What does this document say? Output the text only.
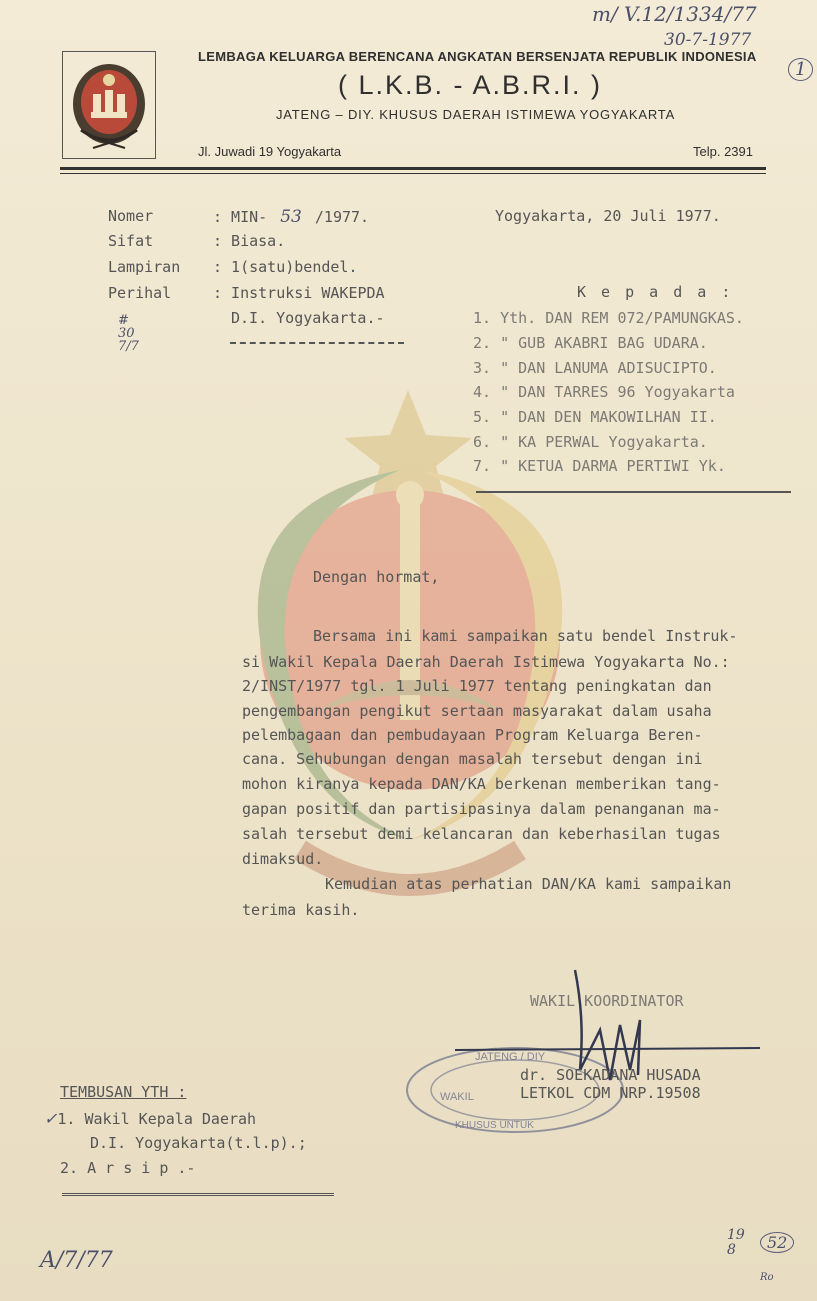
m/ V.12/1334/77
30-7-1977
1
LEMBAGA KELUARGA BERENCANA ANGKATAN BERSENJATA REPUBLIK INDONESIA
( L.K.B. - A.B.R.I. )
JATENG – DIY. KHUSUS DAERAH ISTIMEWA YOGYAKARTA
Jl. Juwadi 19 Yogyakarta	Telp. 2391
Nomer	: MIN- 53 /1977.
Sifat	: Biasa.
Lampiran : 1(satu)bendel.
Perihal	: Instruksi WAKEPDA
D.I. Yogyakarta.-
#
30
7/7
Yogyakarta, 20 Juli 1977.
K e p a d a :
1. Yth. DAN REM 072/PAMUNGKAS.
2. " GUB AKABRI BAG UDARA.
3. " DAN LANUMA ADISUCIPTO.
4. " DAN TARRES 96 Yogyakarta
5. " DAN DEN MAKOWILHAN II.
6. " KA PERWAL Yogyakarta.
7. " KETUA DARMA PERTIWI Yk.
Dengan hormat,
Bersama ini kami sampaikan satu bendel Instruk-
si Wakil Kepala Daerah Daerah Istimewa Yogyakarta No.:
2/INST/1977 tgl. 1 Juli 1977 tentang peningkatan dan
pengembangan pengikut sertaan masyarakat dalam usaha
pelembagaan dan pembudayaan Program Keluarga Beren-
cana. Sehubungan dengan masalah tersebut dengan ini
mohon kiranya kepada DAN/KA berkenan memberikan tang-
gapan positif dan partisipasinya dalam penanganan ma-
salah tersebut demi kelancaran dan keberhasilan tugas
dimaksud.
Kemudian atas perhatian DAN/KA kami sampaikan
terima kasih.
WAKIL KOORDINATOR
JATENG / DIY
WAKIL
KHUSUS UNTUK
dr. SOEKADANA HUSADA
LETKOL CDM NRP.19508
TEMBUSAN YTH :
✓1. Wakil Kepala Daerah
D.I. Yogyakarta(t.l.p).;
2. A r s i p .-
A/7/77
19
8	52
Ro
